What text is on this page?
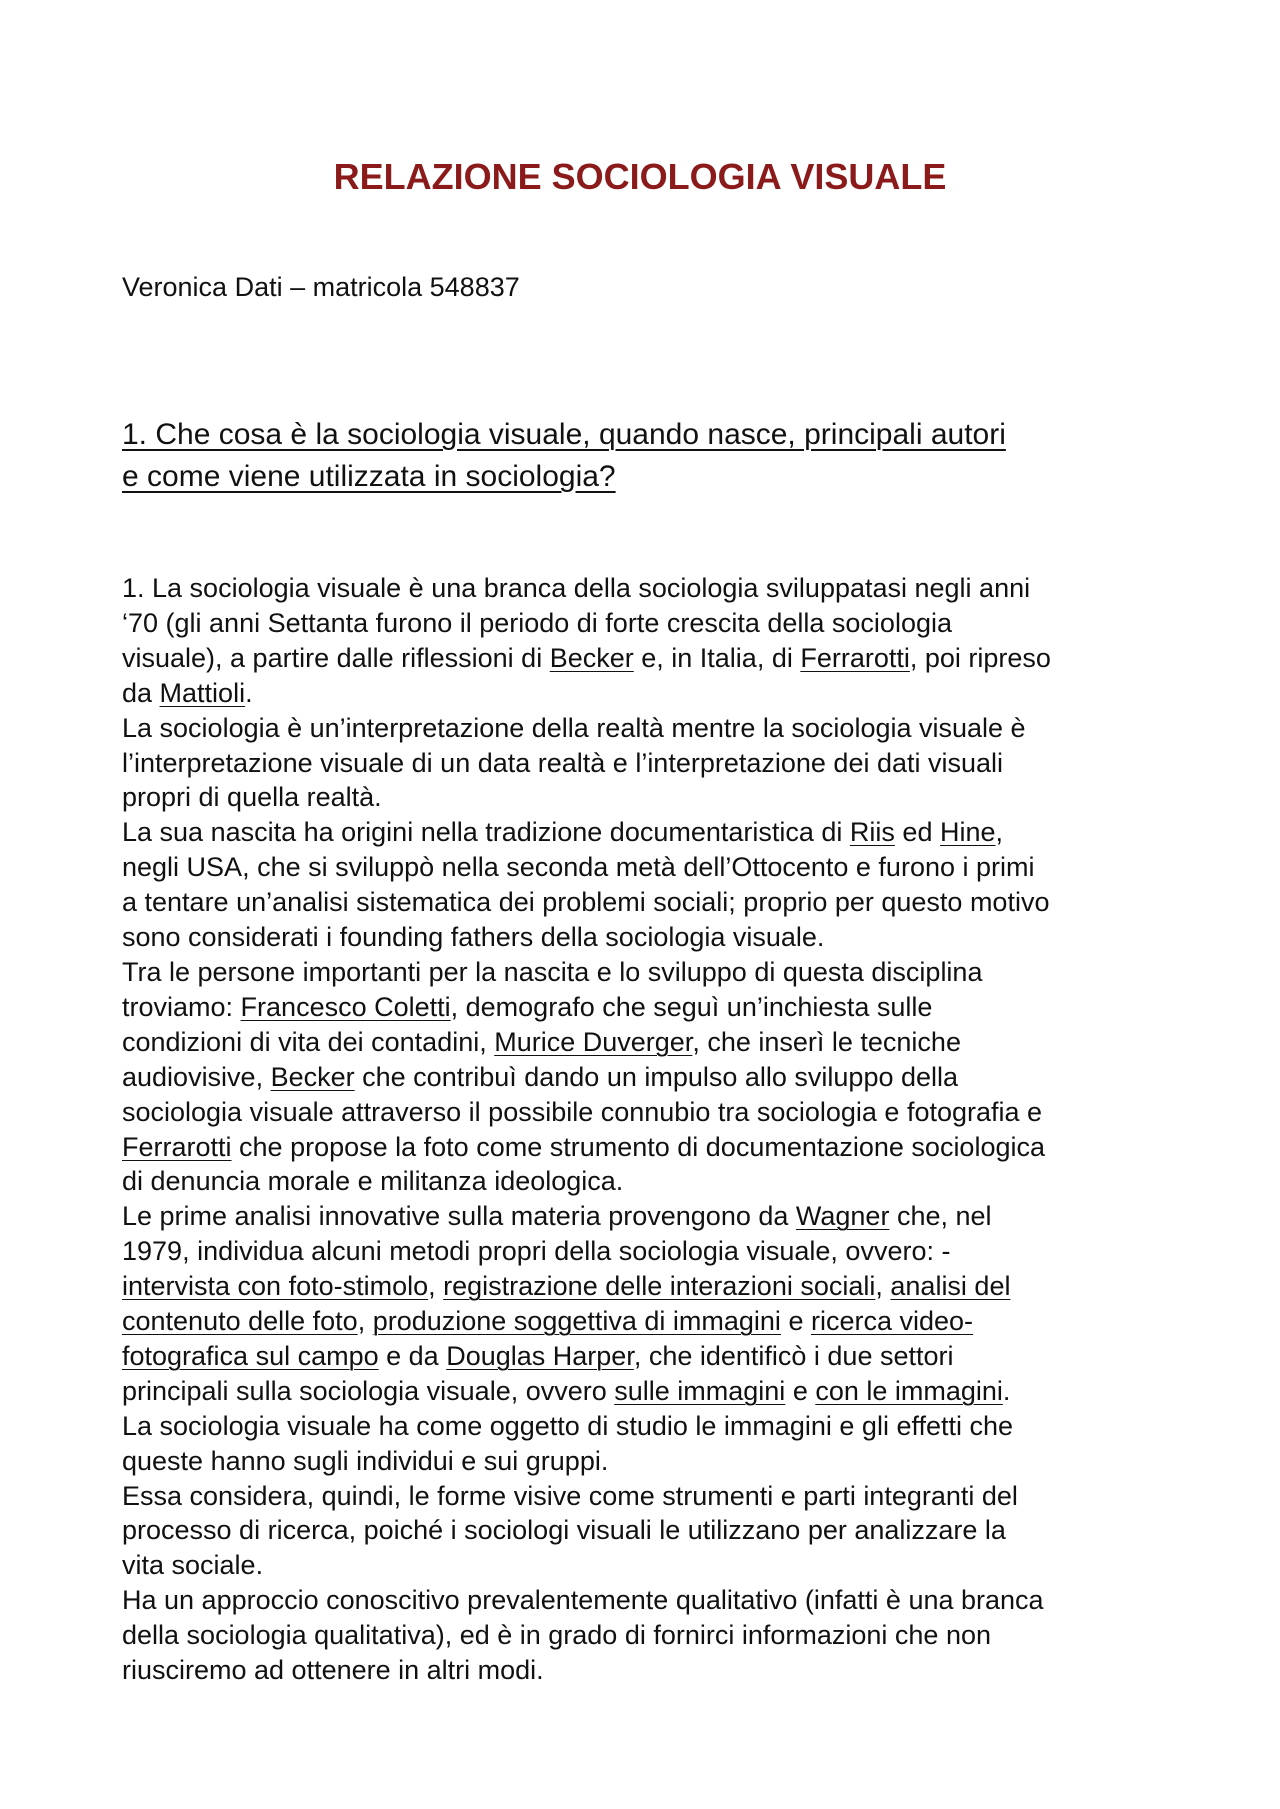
RELAZIONE SOCIOLOGIA VISUALE
Veronica Dati – matricola 548837
1. Che cosa è la sociologia visuale, quando nasce, principali autori
e come viene utilizzata in sociologia?
1. La sociologia visuale è una branca della sociologia sviluppatasi negli anni
‘70 (gli anni Settanta furono il periodo di forte crescita della sociologia
visuale), a partire dalle riflessioni di Becker e, in Italia, di Ferrarotti, poi ripreso
da Mattioli.
La sociologia è un’interpretazione della realtà mentre la sociologia visuale è
l’interpretazione visuale di un data realtà e l’interpretazione dei dati visuali
propri di quella realtà.
La sua nascita ha origini nella tradizione documentaristica di Riis ed Hine,
negli USA, che si sviluppò nella seconda metà dell’Ottocento e furono i primi
a tentare un’analisi sistematica dei problemi sociali; proprio per questo motivo
sono considerati i founding fathers della sociologia visuale.
Tra le persone importanti per la nascita e lo sviluppo di questa disciplina
troviamo: Francesco Coletti, demografo che seguì un’inchiesta sulle
condizioni di vita dei contadini, Murice Duverger, che inserì le tecniche
audiovisive, Becker che contribuì dando un impulso allo sviluppo della
sociologia visuale attraverso il possibile connubio tra sociologia e fotografia e
Ferrarotti che propose la foto come strumento di documentazione sociologica
di denuncia morale e militanza ideologica.
Le prime analisi innovative sulla materia provengono da Wagner che, nel
1979, individua alcuni metodi propri della sociologia visuale, ovvero: -
intervista con foto-stimolo, registrazione delle interazioni sociali, analisi del
contenuto delle foto, produzione soggettiva di immagini e ricerca video-
fotografica sul campo e da Douglas Harper, che identificò i due settori
principali sulla sociologia visuale, ovvero sulle immagini e con le immagini.
La sociologia visuale ha come oggetto di studio le immagini e gli effetti che
queste hanno sugli individui e sui gruppi.
Essa considera, quindi, le forme visive come strumenti e parti integranti del
processo di ricerca, poiché i sociologi visuali le utilizzano per analizzare la
vita sociale.
Ha un approccio conoscitivo prevalentemente qualitativo (infatti è una branca
della sociologia qualitativa), ed è in grado di fornirci informazioni che non
riusciremo ad ottenere in altri modi.
